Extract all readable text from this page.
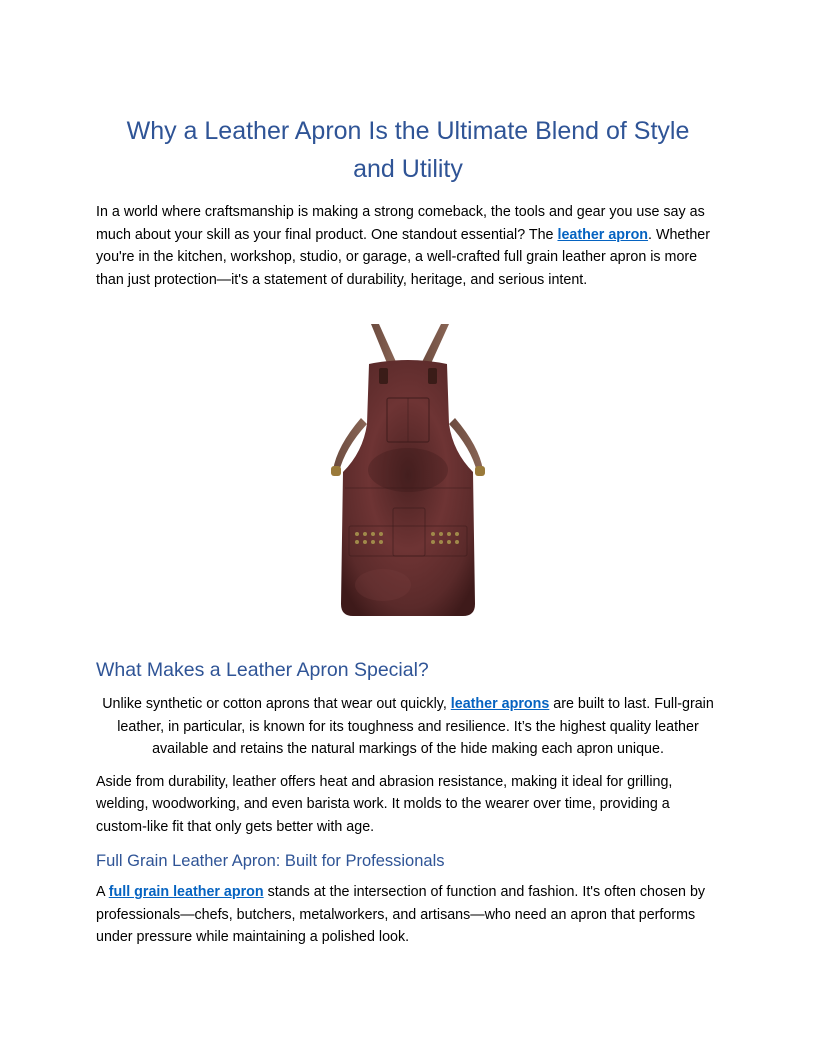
Why a Leather Apron Is the Ultimate Blend of Style and Utility

In a world where craftsmanship is making a strong comeback, the tools and gear you use say as much about your skill as your final product. One standout essential? The leather apron. Whether you're in the kitchen, workshop, studio, or garage, a well-crafted full grain leather apron is more than just protection—it's a statement of durability, heritage, and serious intent.

What Makes a Leather Apron Special?

Unlike synthetic or cotton aprons that wear out quickly, leather aprons are built to last. Full-grain leather, in particular, is known for its toughness and resilience. It’s the highest quality leather available and retains the natural markings of the hide making each apron unique.

Aside from durability, leather offers heat and abrasion resistance, making it ideal for grilling, welding, woodworking, and even barista work. It molds to the wearer over time, providing a custom-like fit that only gets better with age.

Full Grain Leather Apron: Built for Professionals

A full grain leather apron stands at the intersection of function and fashion. It's often chosen by professionals—chefs, butchers, metalworkers, and artisans—who need an apron that performs under pressure while maintaining a polished look.
